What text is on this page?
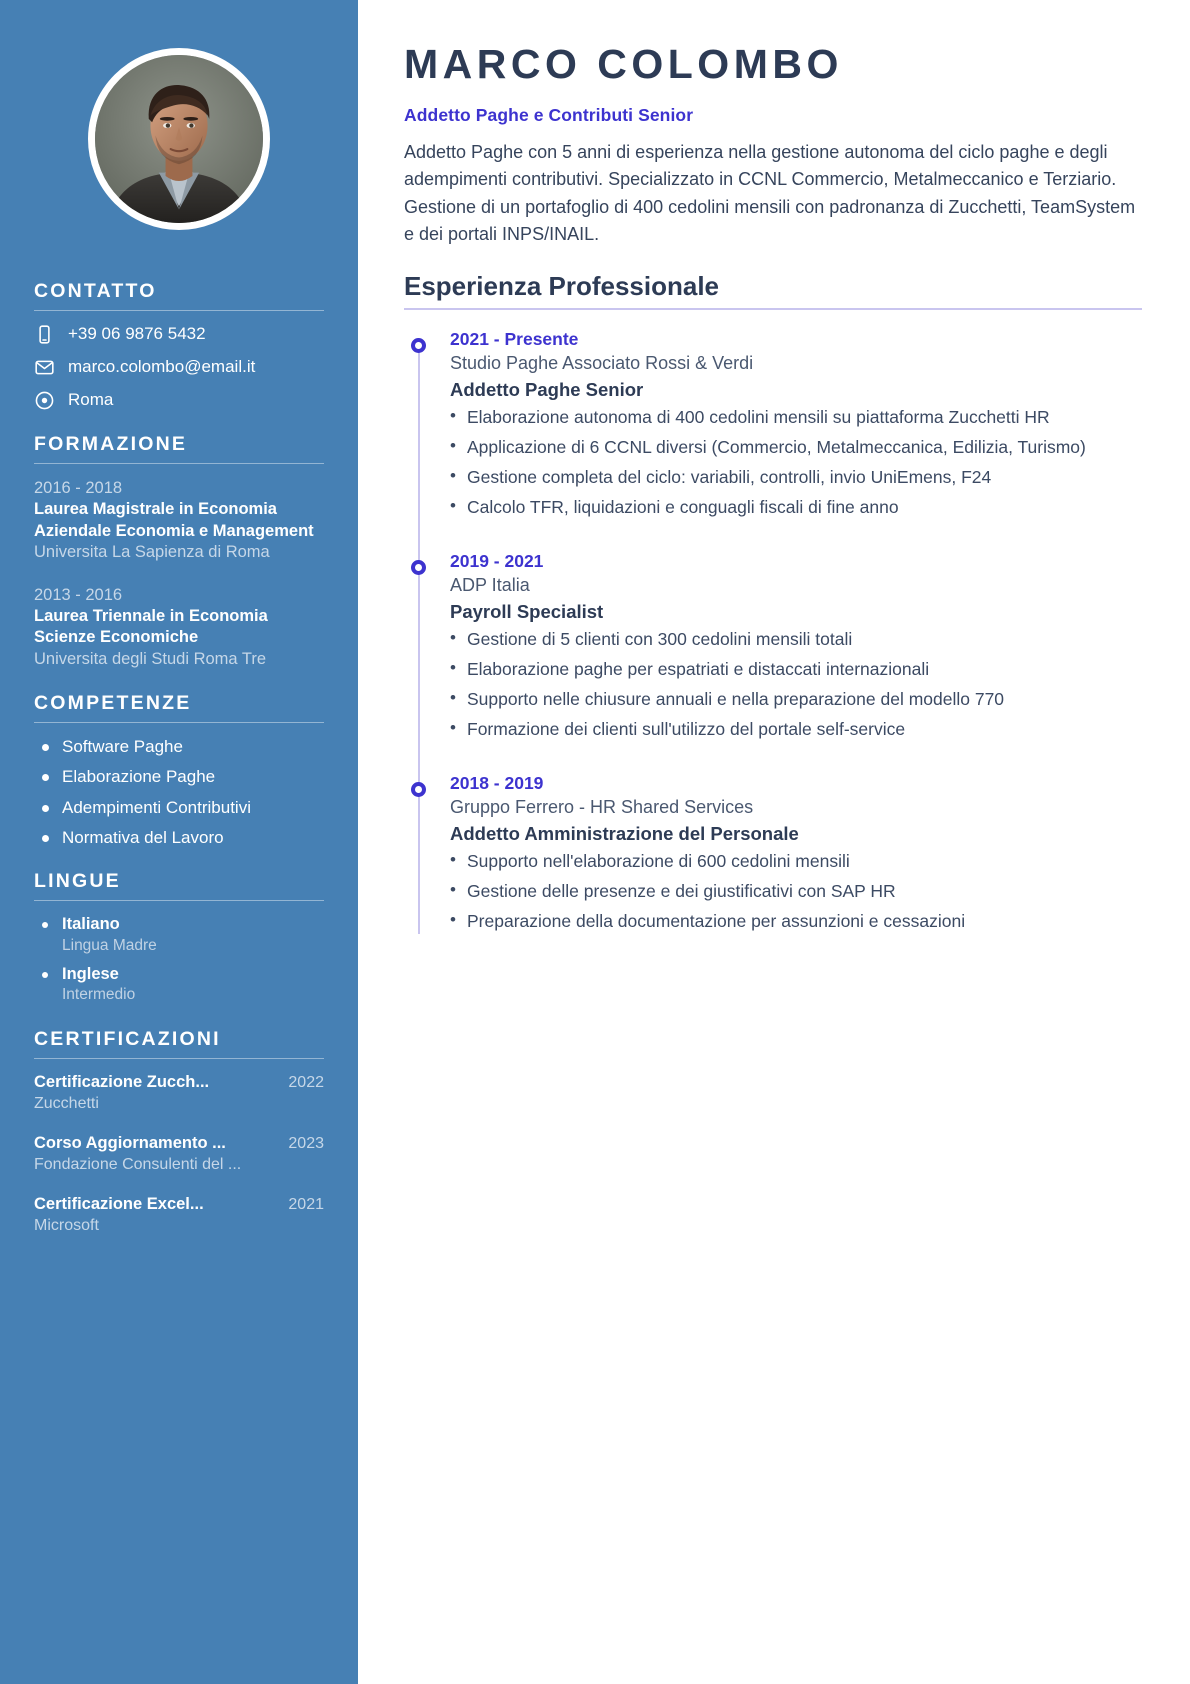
CONTATTO
+39 06 9876 5432
marco.colombo@email.it
Roma
FORMAZIONE
2016 - 2018
Laurea Magistrale in Economia Aziendale Economia e Management
Universita La Sapienza di Roma
2013 - 2016
Laurea Triennale in Economia Scienze Economiche
Universita degli Studi Roma Tre
COMPETENZE
Software Paghe
Elaborazione Paghe
Adempimenti Contributivi
Normativa del Lavoro
LINGUE
Italiano
Lingua Madre
Inglese
Intermedio
CERTIFICAZIONI
Certificazione Zucch...	2022
Zucchetti
Corso Aggiornamento ...	2023
Fondazione Consulenti del ...
Certificazione Excel...	2021
Microsoft
MARCO COLOMBO
Addetto Paghe e Contributi Senior

Addetto Paghe con 5 anni di esperienza nella gestione autonoma del ciclo paghe e degli adempimenti contributivi. Specializzato in CCNL Commercio, Metalmeccanico e Terziario. Gestione di un portafoglio di 400 cedolini mensili con padronanza di Zucchetti, TeamSystem e dei portali INPS/INAIL.

Esperienza Professionale
2021 - Presente
Studio Paghe Associato Rossi & Verdi
Addetto Paghe Senior
• Elaborazione autonoma di 400 cedolini mensili su piattaforma Zucchetti HR
• Applicazione di 6 CCNL diversi (Commercio, Metalmeccanica, Edilizia, Turismo)
• Gestione completa del ciclo: variabili, controlli, invio UniEmens, F24
• Calcolo TFR, liquidazioni e conguagli fiscali di fine anno
2019 - 2021
ADP Italia
Payroll Specialist
• Gestione di 5 clienti con 300 cedolini mensili totali
• Elaborazione paghe per espatriati e distaccati internazionali
• Supporto nelle chiusure annuali e nella preparazione del modello 770
• Formazione dei clienti sull'utilizzo del portale self-service
2018 - 2019
Gruppo Ferrero - HR Shared Services
Addetto Amministrazione del Personale
• Supporto nell'elaborazione di 600 cedolini mensili
• Gestione delle presenze e dei giustificativi con SAP HR
• Preparazione della documentazione per assunzioni e cessazioni
